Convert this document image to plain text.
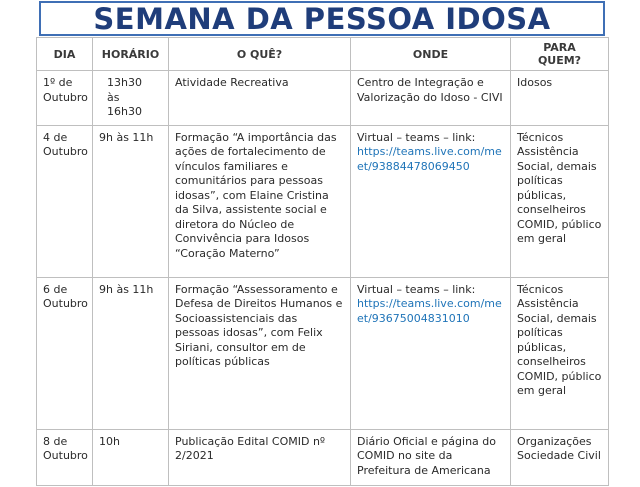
SEMANA DA PESSOA IDOSA
DIA	HORÁRIO	O QUÊ?	ONDE	PARA
QUEM?

1º de Outubro	13h30 às 16h30	Atividade Recreativa	Centro de Integração e Valorização do Idoso - CIVI	Idosos
4 de Outubro	9h às 11h	Formação “A importância das ações de fortalecimento de vínculos familiares e comunitários para pessoas idosas”, com Elaine Cristina da Silva, assistente social e diretora do Núcleo de Convivência para Idosos “Coração Materno”	Virtual – teams – link:
https://teams.live.com/meet/93884478069450	Técnicos Assistência Social, demais políticas públicas, conselheiros COMID, público em geral
6 de Outubro	9h às 11h	Formação “Assessoramento e Defesa de Direitos Humanos e Socioassistenciais das pessoas idosas”, com Felix Siriani, consultor em de políticas públicas	Virtual – teams – link:
https://teams.live.com/meet/93675004831010	Técnicos Assistência Social, demais políticas públicas, conselheiros COMID, público em geral
8 de Outubro	10h	Publicação Edital COMID nº 2/2021	Diário Oficial e página do COMID no site da Prefeitura de Americana	Organizações Sociedade Civil
